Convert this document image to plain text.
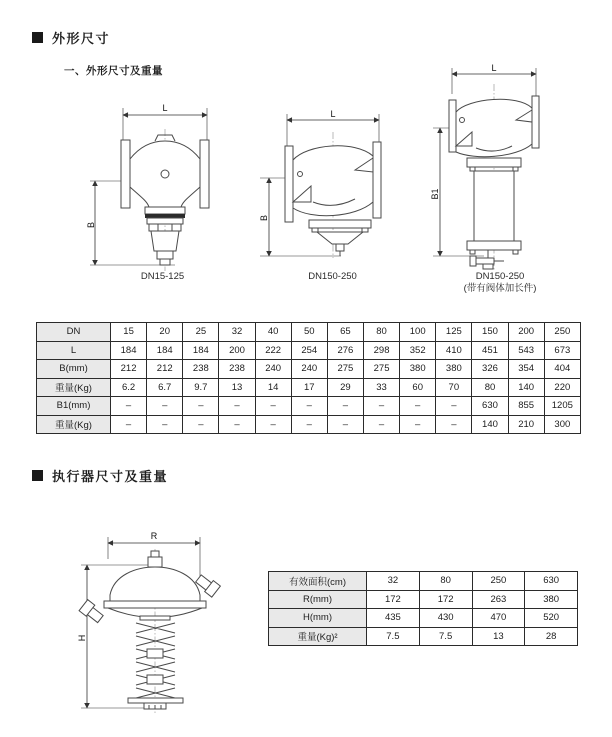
外形尺寸
一、外形尺寸及重量
L
B
L
B
L
B1
DN15-125	DN150-250	DN150-250
(带有阀体加长件)
DN	15	20	25	32	40	50	65	80	100	125	150	200	250
L	184	184	184	200	222	254	276	298	352	410	451	543	673
B(mm)	212	212	238	238	240	240	275	275	380	380	326	354	404
重量(Kg)	6.2	6.7	9.7	13	14	17	29	33	60	70	80	140	220
B1(mm)	–	–	–	–	–	–	–	–	–	–	630	855	1205
重量(Kg)	–	–	–	–	–	–	–	–	–	–	140	210	300
执行器尺寸及重量
R
H
有效面积(cm)	32	80	250	630
R(mm)	172	172	263	380
H(mm)	435	430	470	520
重量(Kg)²	7.5	7.5	13	28
